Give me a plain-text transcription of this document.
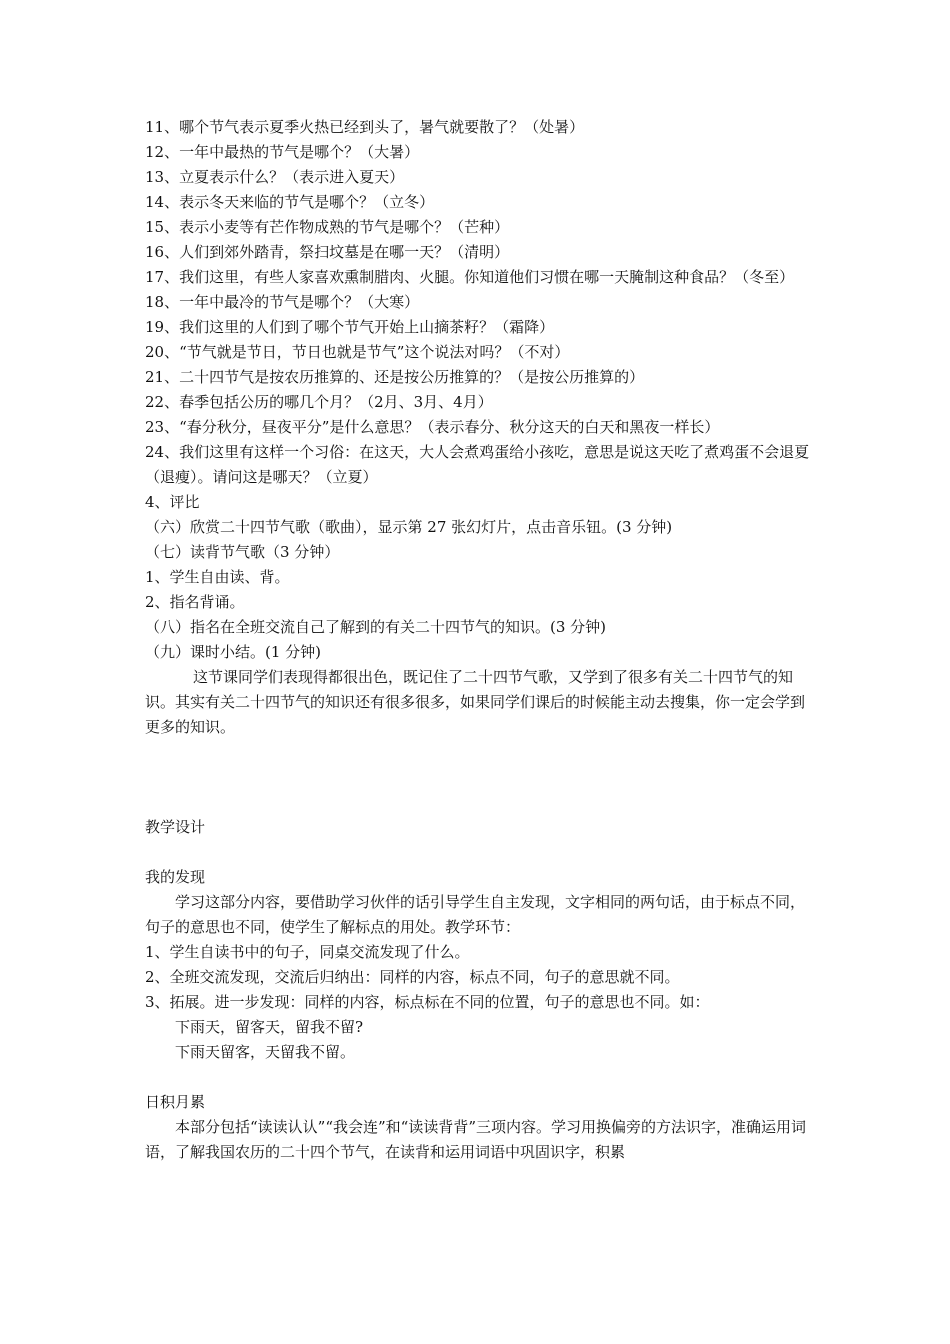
11、哪个节气表示夏季火热已经到头了，暑气就要散了？（处暑）
12、一年中最热的节气是哪个？（大暑）
13、立夏表示什么？（表示进入夏天）
14、表示冬天来临的节气是哪个？（立冬）
15、表示小麦等有芒作物成熟的节气是哪个？（芒种）
16、人们到郊外踏青，祭扫坟墓是在哪一天？（清明）
17、我们这里，有些人家喜欢熏制腊肉、火腿。你知道他们习惯在哪一天腌制这种食品？（冬至）
18、一年中最冷的节气是哪个？（大寒）
19、我们这里的人们到了哪个节气开始上山摘茶籽？（霜降）
20、“节气就是节日，节日也就是节气”这个说法对吗？（不对）
21、二十四节气是按农历推算的、还是按公历推算的？（是按公历推算的）
22、春季包括公历的哪几个月？（2月、3月、4月）
23、“春分秋分，昼夜平分”是什么意思？（表示春分、秋分这天的白天和黑夜一样长）
24、我们这里有这样一个习俗：在这天，大人会煮鸡蛋给小孩吃，意思是说这天吃了煮鸡蛋不会退夏（退瘦）。请问这是哪天？（立夏）
4、评比
（六）欣赏二十四节气歌（歌曲），显示第 27 张幻灯片，点击音乐钮。(3 分钟)
（七）读背节气歌（3 分钟）
1、学生自由读、背。
2、指名背诵。
（八）指名在全班交流自己了解到的有关二十四节气的知识。(3 分钟)
（九）课时小结。(1 分钟)
这节课同学们表现得都很出色，既记住了二十四节气歌，又学到了很多有关二十四节气的知识。其实有关二十四节气的知识还有很多很多，如果同学们课后的时候能主动去搜集，你一定会学到更多的知识。
教学设计
我的发现
学习这部分内容，要借助学习伙伴的话引导学生自主发现，文字相同的两句话，由于标点不同，句子的意思也不同，使学生了解标点的用处。教学环节：
1、学生自读书中的句子，同桌交流发现了什么。
2、全班交流发现，交流后归纳出：同样的内容，标点不同，句子的意思就不同。
3、拓展。进一步发现：同样的内容，标点标在不同的位置，句子的意思也不同。如：
下雨天，留客天，留我不留?
下雨天留客，天留我不留。
日积月累
本部分包括“读读认认”“我会连”和“读读背背”三项内容。学习用换偏旁的方法识字，准确运用词语，了解我国农历的二十四个节气，在读背和运用词语中巩固识字，积累
